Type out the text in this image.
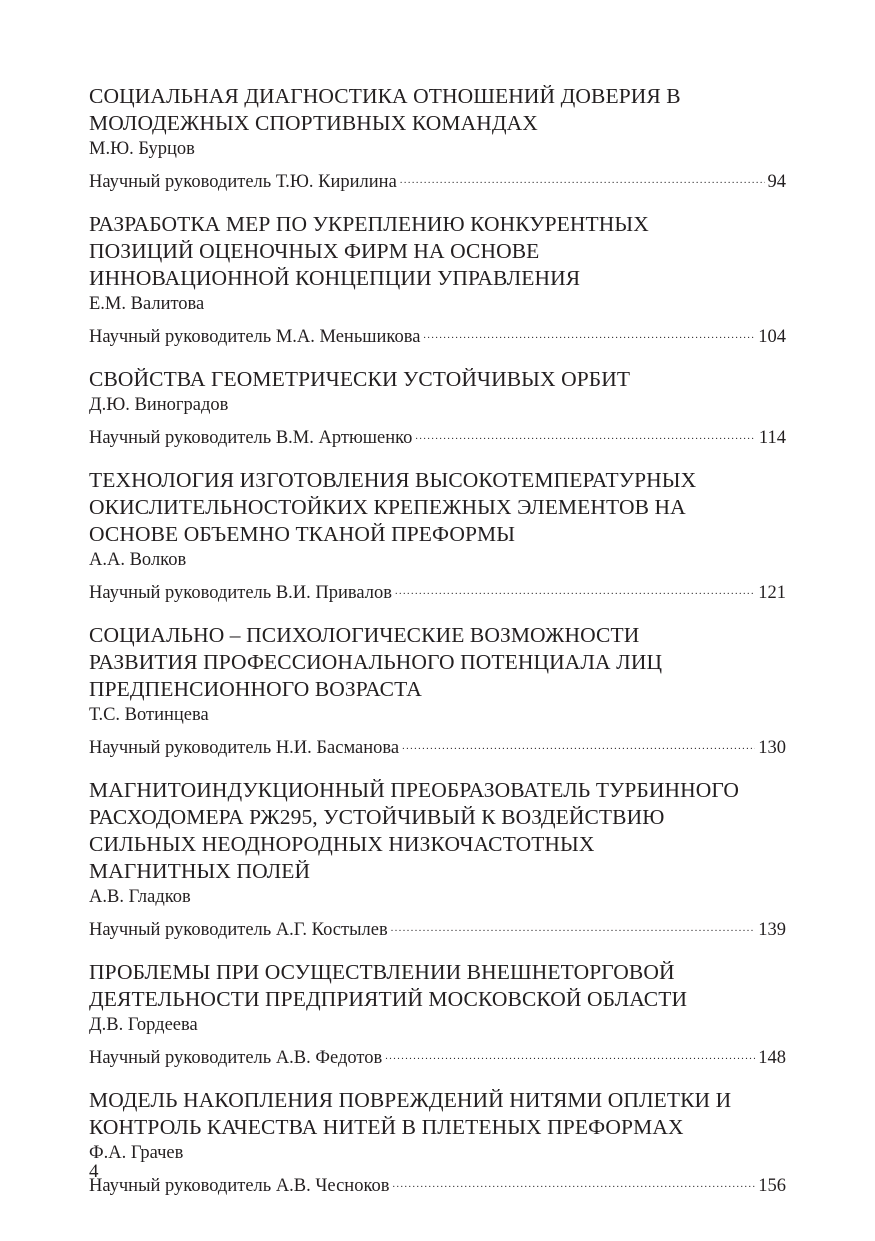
СОЦИАЛЬНАЯ ДИАГНОСТИКА ОТНОШЕНИЙ ДОВЕРИЯ В
МОЛОДЕЖНЫХ СПОРТИВНЫХ КОМАНДАХ
М.Ю. Бурцов
Научный руководитель Т.Ю. Кирилина . . .	94
РАЗРАБОТКА МЕР ПО УКРЕПЛЕНИЮ КОНКУРЕНТНЫХ
ПОЗИЦИЙ ОЦЕНОЧНЫХ ФИРМ НА ОСНОВЕ
ИННОВАЦИОННОЙ КОНЦЕПЦИИ УПРАВЛЕНИЯ
Е.М. Валитова
Научный руководитель М.А. Меньшикова . . .	104
СВОЙСТВА ГЕОМЕТРИЧЕСКИ УСТОЙЧИВЫХ ОРБИТ
Д.Ю. Виноградов
Научный руководитель В.М. Артюшенко . . .	114
ТЕХНОЛОГИЯ ИЗГОТОВЛЕНИЯ ВЫСОКОТЕМПЕРАТУРНЫХ
ОКИСЛИТЕЛЬНОСТОЙКИХ КРЕПЕЖНЫХ ЭЛЕМЕНТОВ НА
ОСНОВЕ ОБЪЕМНО ТКАНОЙ ПРЕФОРМЫ
А.А. Волков
Научный руководитель В.И. Привалов . . .	121
СОЦИАЛЬНО – ПСИХОЛОГИЧЕСКИЕ ВОЗМОЖНОСТИ
РАЗВИТИЯ ПРОФЕССИОНАЛЬНОГО ПОТЕНЦИАЛА ЛИЦ
ПРЕДПЕНСИОННОГО ВОЗРАСТА
Т.С. Вотинцева
Научный руководитель Н.И. Басманова . . .	130
МАГНИТОИНДУКЦИОННЫЙ ПРЕОБРАЗОВАТЕЛЬ ТУРБИННОГО
РАСХОДОМЕРА РЖ295, УСТОЙЧИВЫЙ К ВОЗДЕЙСТВИЮ
СИЛЬНЫХ НЕОДНОРОДНЫХ НИЗКОЧАСТОТНЫХ
МАГНИТНЫХ ПОЛЕЙ
А.В. Гладков
Научный руководитель А.Г. Костылев . . .	139
ПРОБЛЕМЫ ПРИ ОСУЩЕСТВЛЕНИИ ВНЕШНЕТОРГОВОЙ
ДЕЯТЕЛЬНОСТИ ПРЕДПРИЯТИЙ МОСКОВСКОЙ ОБЛАСТИ
Д.В. Гордеева
Научный руководитель А.В. Федотов . . .	148
МОДЕЛЬ НАКОПЛЕНИЯ ПОВРЕЖДЕНИЙ НИТЯМИ ОПЛЕТКИ И
КОНТРОЛЬ КАЧЕСТВА НИТЕЙ В ПЛЕТЕНЫХ ПРЕФОРМАХ
Ф.А. Грачев
Научный руководитель А.В. Чесноков . . .	156
4
